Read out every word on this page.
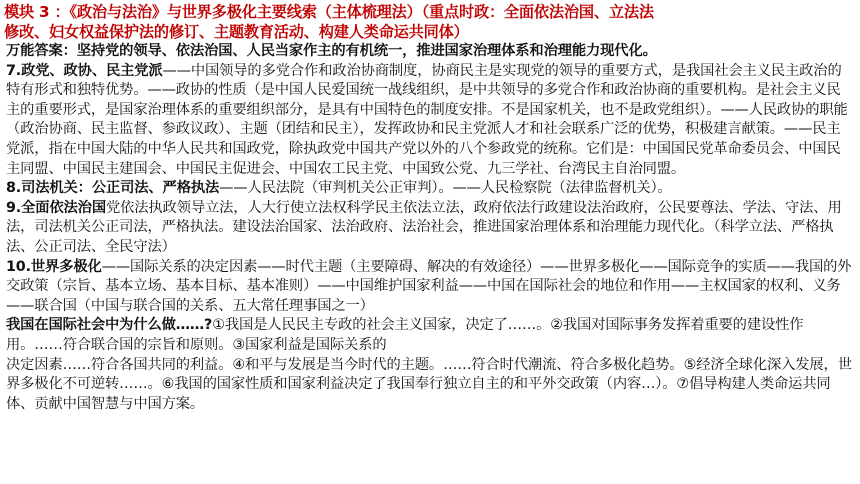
模块 3 ：《政治与法治》与世界多极化主要线索（主体梳理法）（重点时政：全面依法治国、立法法
修改、妇女权益保护法的修订、主题教育活动、构建人类命运共同体）

万能答案：坚持党的领导、依法治国、人民当家作主的有机统一，推进国家治理体系和治理能力现代化。

7.政党、政协、民主党派——中国领导的多党合作和政治协商制度，协商民主是实现党的领导的重要方式，是我国社会主义民主政治的特有形式和独特优势。——政协的性质（是中国人民爱国统一战线组织，是中共领导的多党合作和政治协商的重要机构。是社会主义民主的重要形式，是国家治理体系的重要组织部分，是具有中国特色的制度安排。不是国家机关，也不是政党组织）。——人民政协的职能（政治协商、民主监督、参政议政）、主题（团结和民主），发挥政协和民主党派人才和社会联系广泛的优势，积极建言献策。——民主党派，指在中国大陆的中华人民共和国政党，除执政党中国共产党以外的八个参政党的统称。它们是：中国国民党革命委员会、中国民主同盟、中国民主建国会、中国民主促进会、中国农工民主党、中国致公党、九三学社、台湾民主自治同盟。

8.司法机关：公正司法、严格执法——人民法院（审判机关公正审判）。——人民检察院（法律监督机关）。

9.全面依法治国党依法执政领导立法，人大行使立法权科学民主依法立法，政府依法行政建设法治政府，公民要尊法、学法、守法、用法，司法机关公正司法，严格执法。建设法治国家、法治政府、法治社会，推进国家治理体系和治理能力现代化。（科学立法、严格执法、公正司法、全民守法）

10.世界多极化——国际关系的决定因素——时代主题（主要障碍、解决的有效途径）——世界多极化——国际竞争的实质——我国的外交政策（宗旨、基本立场、基本目标、基本准则）——中国维护国家利益——中国在国际社会的地位和作用——主权国家的权利、义务——联合国（中国与联合国的关系、五大常任理事国之一）

我国在国际社会中为什么做……?①我国是人民民主专政的社会主义国家，决定了……。②我国对国际事务发挥着重要的建设性作用。……符合联合国的宗旨和原则。③国家利益是国际关系的

决定因素……符合各国共同的利益。④和平与发展是当今时代的主题。……符合时代潮流、符合多极化趋势。⑤经济全球化深入发展，世界多极化不可逆转……。⑥我国的国家性质和国家利益决定了我国奉行独立自主的和平外交政策（内容…）。⑦倡导构建人类命运共同体、贡献中国智慧与中国方案。
